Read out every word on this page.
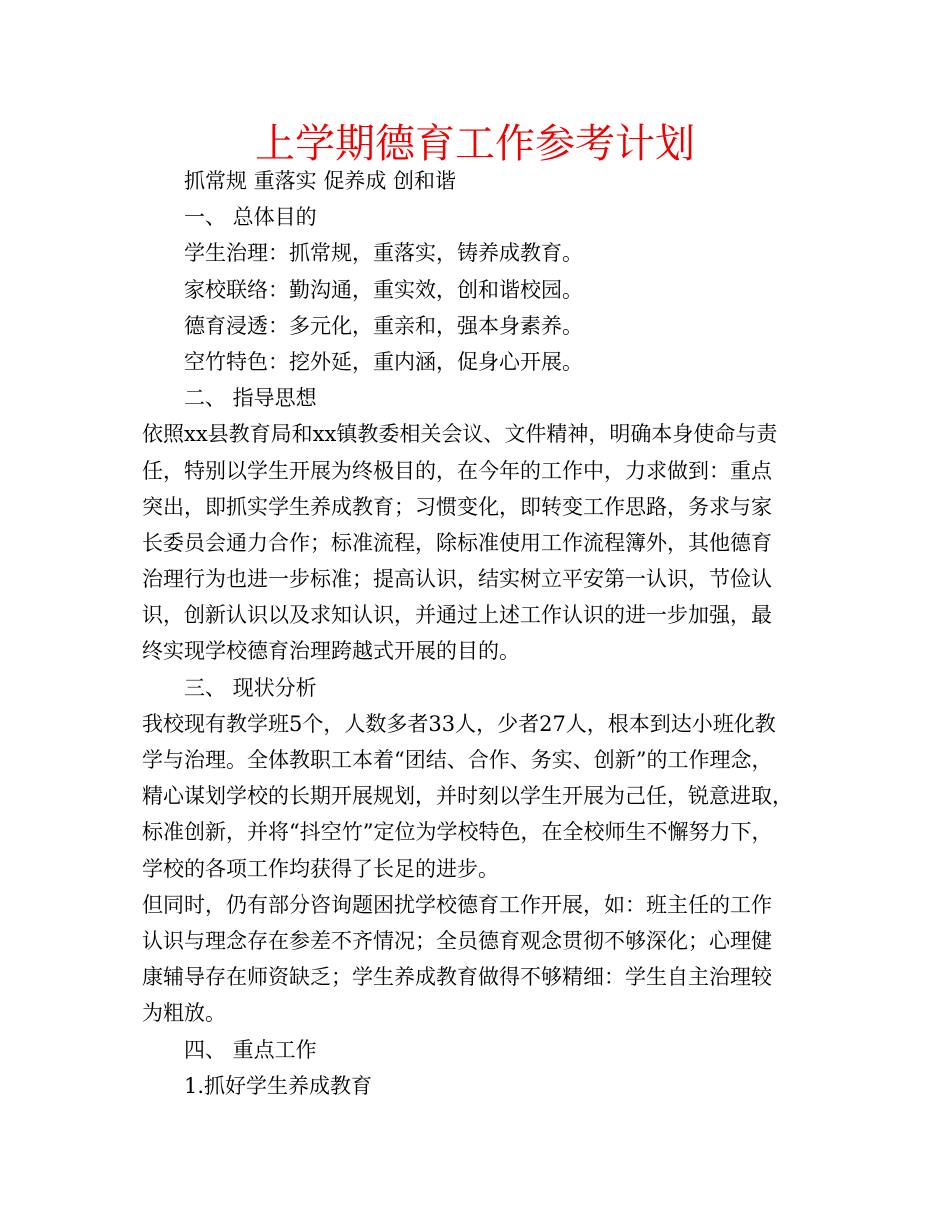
上学期德育工作参考计划
抓常规 重落实 促养成 创和谐
一、 总体目的
学生治理：抓常规，重落实，铸养成教育。
家校联络：勤沟通，重实效，创和谐校园。
德育浸透：多元化，重亲和，强本身素养。
空竹特色：挖外延，重内涵，促身心开展。
二、 指导思想
依照xx县教育局和xx镇教委相关会议、文件精神，明确本身使命与责
任，特别以学生开展为终极目的，在今年的工作中，力求做到：重点
突出，即抓实学生养成教育；习惯变化，即转变工作思路，务求与家
长委员会通力合作；标准流程，除标准使用工作流程簿外，其他德育
治理行为也进一步标准；提高认识，结实树立平安第一认识，节俭认
识，创新认识以及求知认识，并通过上述工作认识的进一步加强，最
终实现学校德育治理跨越式开展的目的。
三、 现状分析
我校现有教学班5个，人数多者33人，少者27人，根本到达小班化教
学与治理。全体教职工本着“团结、合作、务实、创新”的工作理念，
精心谋划学校的长期开展规划，并时刻以学生开展为己任，锐意进取，
标准创新，并将“抖空竹”定位为学校特色，在全校师生不懈努力下，
学校的各项工作均获得了长足的进步。
但同时，仍有部分咨询题困扰学校德育工作开展，如：班主任的工作
认识与理念存在参差不齐情况；全员德育观念贯彻不够深化；心理健
康辅导存在师资缺乏；学生养成教育做得不够精细：学生自主治理较
为粗放。
四、 重点工作
1.抓好学生养成教育
